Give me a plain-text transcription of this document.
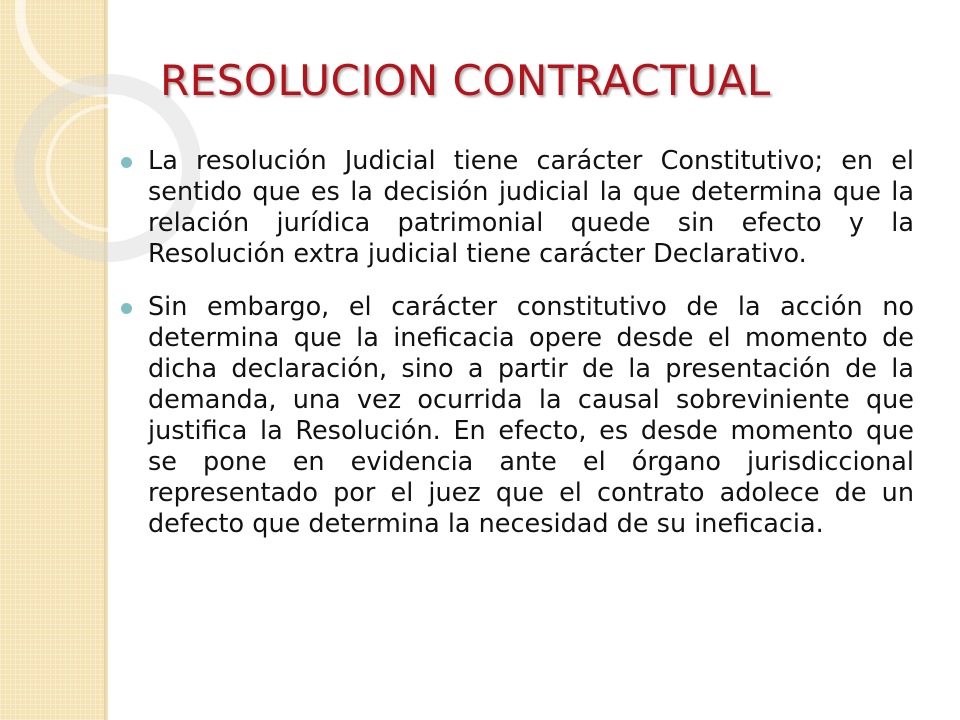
RESOLUCION CONTRACTUAL
La resolución Judicial tiene carácter Constitutivo; en el sentido que es la decisión judicial la que determina que la relación jurídica patrimonial quede sin efecto y la Resolución extra judicial tiene carácter Declarativo.
Sin embargo, el carácter constitutivo de la acción no determina que la ineficacia opere desde el momento de dicha declaración, sino a partir de la presentación de la demanda, una vez ocurrida la causal sobreviniente que justifica la Resolución. En efecto, es desde momento que se pone en evidencia ante el órgano jurisdiccional representado por el juez que el contrato adolece de un defecto que determina la necesidad de su ineficacia.
